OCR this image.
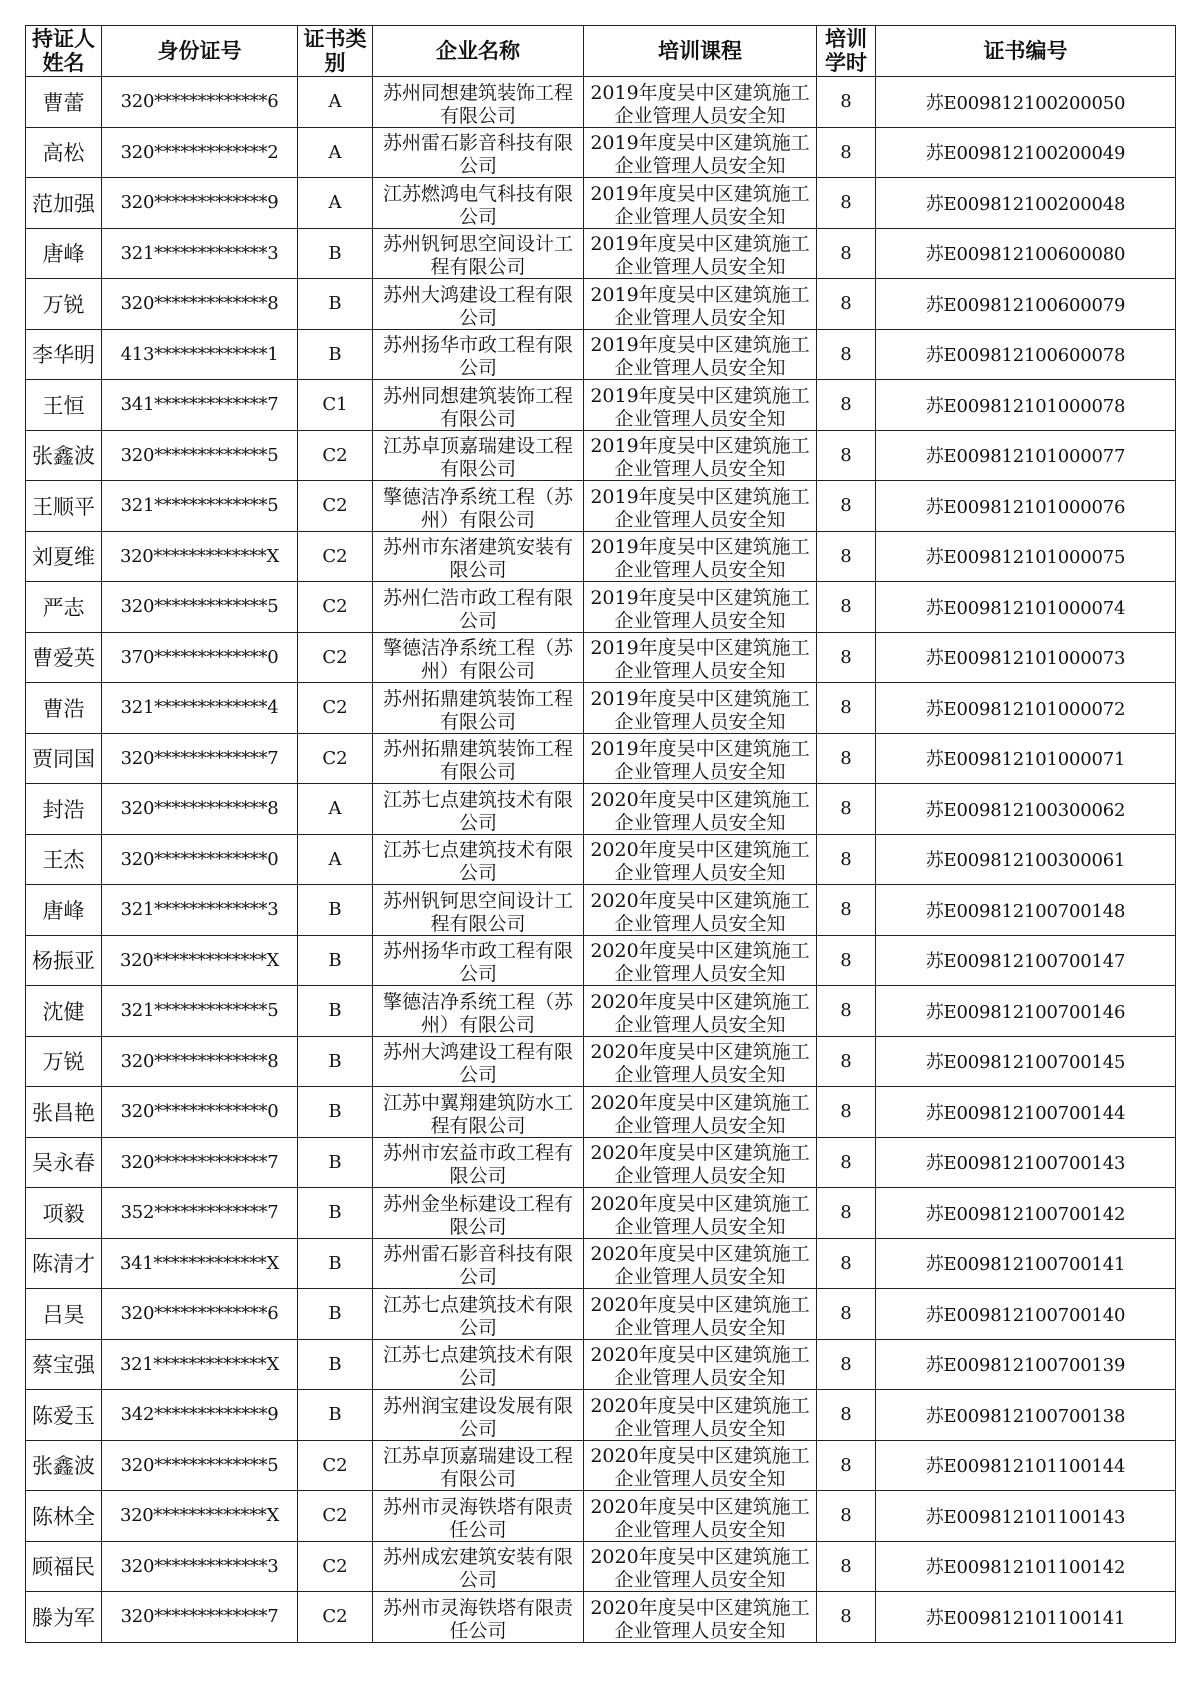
持证人姓名	身份证号	证书类别	企业名称	培训课程	培训学时	证书编号
曹蕾	320*************6	A	苏州同想建筑装饰工程有限公司	2019年度吴中区建筑施工企业管理人员安全知	8	苏E009812100200050
高松	320*************2	A	苏州雷石影音科技有限公司	2019年度吴中区建筑施工企业管理人员安全知	8	苏E009812100200049
范加强	320*************9	A	江苏燃鸿电气科技有限公司	2019年度吴中区建筑施工企业管理人员安全知	8	苏E009812100200048
唐峰	321*************3	B	苏州钒钶思空间设计工程有限公司	2019年度吴中区建筑施工企业管理人员安全知	8	苏E009812100600080
万锐	320*************8	B	苏州大鸿建设工程有限公司	2019年度吴中区建筑施工企业管理人员安全知	8	苏E009812100600079
李华明	413*************1	B	苏州扬华市政工程有限公司	2019年度吴中区建筑施工企业管理人员安全知	8	苏E009812100600078
王恒	341*************7	C1	苏州同想建筑装饰工程有限公司	2019年度吴中区建筑施工企业管理人员安全知	8	苏E009812101000078
张鑫波	320*************5	C2	江苏卓顶嘉瑞建设工程有限公司	2019年度吴中区建筑施工企业管理人员安全知	8	苏E009812101000077
王顺平	321*************5	C2	擎德洁净系统工程（苏州）有限公司	2019年度吴中区建筑施工企业管理人员安全知	8	苏E009812101000076
刘夏维	320*************X	C2	苏州市东渚建筑安装有限公司	2019年度吴中区建筑施工企业管理人员安全知	8	苏E009812101000075
严志	320*************5	C2	苏州仁浩市政工程有限公司	2019年度吴中区建筑施工企业管理人员安全知	8	苏E009812101000074
曹爱英	370*************0	C2	擎德洁净系统工程（苏州）有限公司	2019年度吴中区建筑施工企业管理人员安全知	8	苏E009812101000073
曹浩	321*************4	C2	苏州拓鼎建筑装饰工程有限公司	2019年度吴中区建筑施工企业管理人员安全知	8	苏E009812101000072
贾同国	320*************7	C2	苏州拓鼎建筑装饰工程有限公司	2019年度吴中区建筑施工企业管理人员安全知	8	苏E009812101000071
封浩	320*************8	A	江苏七点建筑技术有限公司	2020年度吴中区建筑施工企业管理人员安全知	8	苏E009812100300062
王杰	320*************0	A	江苏七点建筑技术有限公司	2020年度吴中区建筑施工企业管理人员安全知	8	苏E009812100300061
唐峰	321*************3	B	苏州钒钶思空间设计工程有限公司	2020年度吴中区建筑施工企业管理人员安全知	8	苏E009812100700148
杨振亚	320*************X	B	苏州扬华市政工程有限公司	2020年度吴中区建筑施工企业管理人员安全知	8	苏E009812100700147
沈健	321*************5	B	擎德洁净系统工程（苏州）有限公司	2020年度吴中区建筑施工企业管理人员安全知	8	苏E009812100700146
万锐	320*************8	B	苏州大鸿建设工程有限公司	2020年度吴中区建筑施工企业管理人员安全知	8	苏E009812100700145
张昌艳	320*************0	B	江苏中翼翔建筑防水工程有限公司	2020年度吴中区建筑施工企业管理人员安全知	8	苏E009812100700144
吴永春	320*************7	B	苏州市宏益市政工程有限公司	2020年度吴中区建筑施工企业管理人员安全知	8	苏E009812100700143
项毅	352*************7	B	苏州金坐标建设工程有限公司	2020年度吴中区建筑施工企业管理人员安全知	8	苏E009812100700142
陈清才	341*************X	B	苏州雷石影音科技有限公司	2020年度吴中区建筑施工企业管理人员安全知	8	苏E009812100700141
吕昊	320*************6	B	江苏七点建筑技术有限公司	2020年度吴中区建筑施工企业管理人员安全知	8	苏E009812100700140
蔡宝强	321*************X	B	江苏七点建筑技术有限公司	2020年度吴中区建筑施工企业管理人员安全知	8	苏E009812100700139
陈爱玉	342*************9	B	苏州润宝建设发展有限公司	2020年度吴中区建筑施工企业管理人员安全知	8	苏E009812100700138
张鑫波	320*************5	C2	江苏卓顶嘉瑞建设工程有限公司	2020年度吴中区建筑施工企业管理人员安全知	8	苏E009812101100144
陈林全	320*************X	C2	苏州市灵海铁塔有限责任公司	2020年度吴中区建筑施工企业管理人员安全知	8	苏E009812101100143
顾福民	320*************3	C2	苏州成宏建筑安装有限公司	2020年度吴中区建筑施工企业管理人员安全知	8	苏E009812101100142
滕为军	320*************7	C2	苏州市灵海铁塔有限责任公司	2020年度吴中区建筑施工企业管理人员安全知	8	苏E009812101100141
